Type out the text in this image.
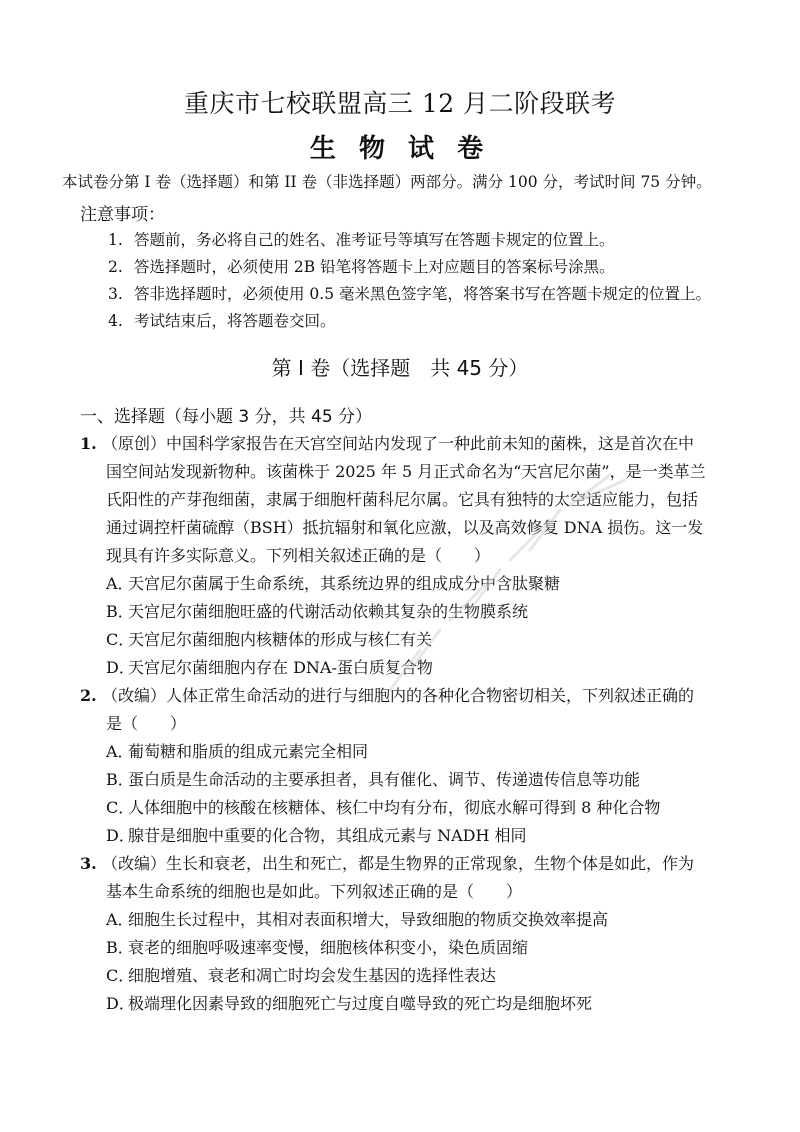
重庆市七校联盟高三 12 月二阶段联考
生 物 试 卷
本试卷分第 I 卷（选择题）和第 II 卷（非选择题）两部分。满分 100 分，考试时间 75 分钟。
注意事项：
1. 答题前，务必将自己的姓名、准考证号等填写在答题卡规定的位置上。
2. 答选择题时，必须使用 2B 铅笔将答题卡上对应题目的答案标号涂黑。
3. 答非选择题时，必须使用 0.5 毫米黑色签字笔，将答案书写在答题卡规定的位置上。
4. 考试结束后，将答题卷交回。
第 I 卷（选择题　共 45 分）
一、选择题（每小题 3 分，共 45 分）
1. （原创）中国科学家报告在天宫空间站内发现了一种此前未知的菌株，这是首次在中
国空间站发现新物种。该菌株于 2025 年 5 月正式命名为“天宫尼尔菌”，是一类革兰
氏阳性的产芽孢细菌，隶属于细胞杆菌科尼尔属。它具有独特的太空适应能力，包括
通过调控杆菌硫醇（BSH）抵抗辐射和氧化应激，以及高效修复 DNA 损伤。这一发
现具有许多实际意义。下列相关叙述正确的是（　　）
A．天宫尼尔菌属于生命系统，其系统边界的组成成分中含肽聚糖
B．天宫尼尔菌细胞旺盛的代谢活动依赖其复杂的生物膜系统
C．天宫尼尔菌细胞内核糖体的形成与核仁有关
D．天宫尼尔菌细胞内存在 DNA-蛋白质复合物
2. （改编）人体正常生命活动的进行与细胞内的各种化合物密切相关，下列叙述正确的
是（　　）
A．葡萄糖和脂质的组成元素完全相同
B．蛋白质是生命活动的主要承担者，具有催化、调节、传递遗传信息等功能
C．人体细胞中的核酸在核糖体、核仁中均有分布，彻底水解可得到 8 种化合物
D．腺苷是细胞中重要的化合物，其组成元素与 NADH 相同
3. （改编）生长和衰老，出生和死亡，都是生物界的正常现象，生物个体是如此，作为
基本生命系统的细胞也是如此。下列叙述正确的是（　　）
A．细胞生长过程中，其相对表面积增大，导致细胞的物质交换效率提高
B．衰老的细胞呼吸速率变慢，细胞核体积变小，染色质固缩
C．细胞增殖、衰老和凋亡时均会发生基因的选择性表达
D．极端理化因素导致的细胞死亡与过度自噬导致的死亡均是细胞坏死
